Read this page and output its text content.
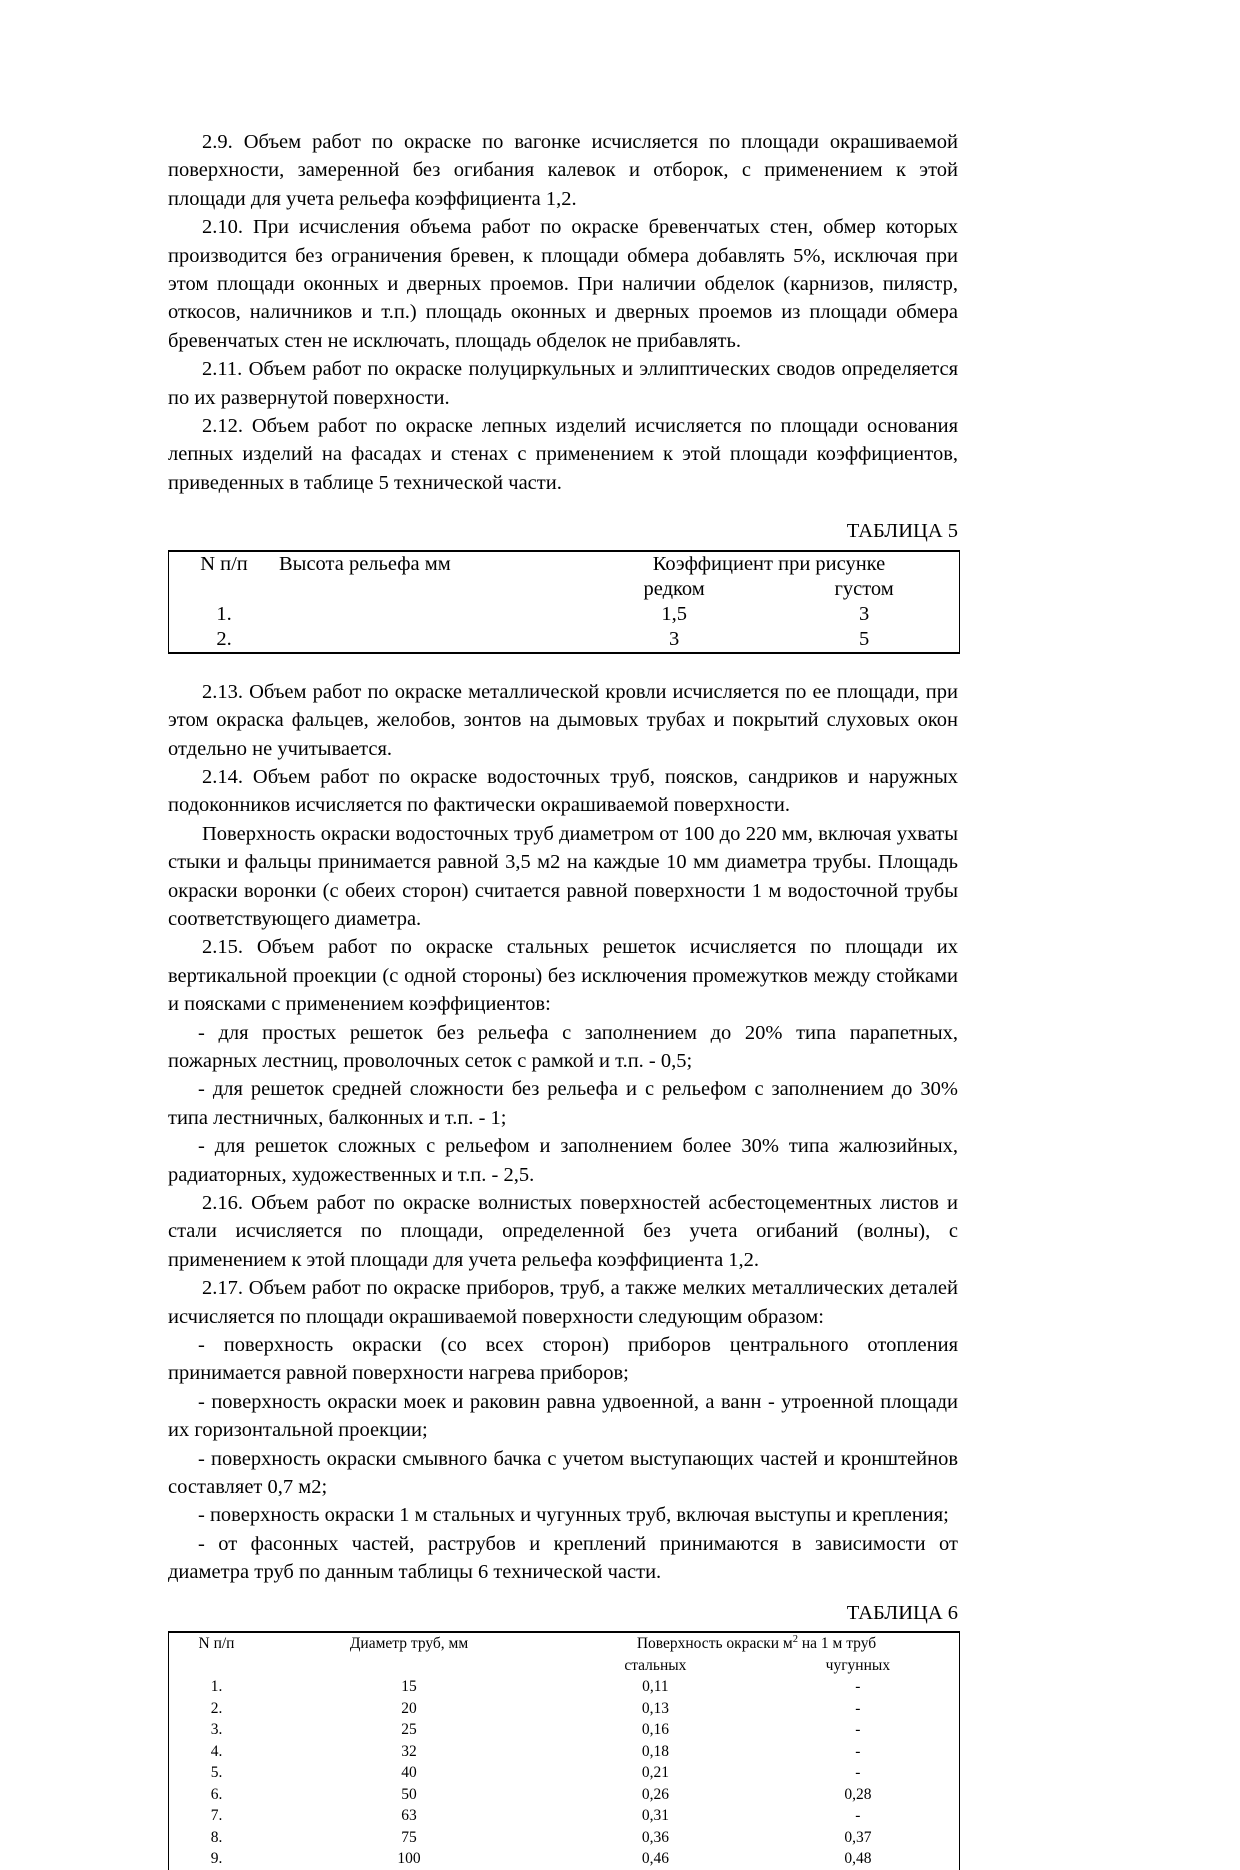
2.9. Объем работ по окраске по вагонке исчисляется по площади окрашиваемой поверхности, замеренной без огибания калевок и отборок, с применением к этой площади для учета рельефа коэффициента 1,2.

2.10. При исчисления объема работ по окраске бревенчатых стен, обмер которых производится без ограничения бревен, к площади обмера добавлять 5%, исключая при этом площади оконных и дверных проемов. При наличии обделок (карнизов, пилястр, откосов, наличников и т.п.) площадь оконных и дверных проемов из площади обмера бревенчатых стен не исключать, площадь обделок не прибавлять.

2.11. Объем работ по окраске полуциркульных и эллиптических сводов определяется по их развернутой поверхности.

2.12. Объем работ по окраске лепных изделий исчисляется по площади основания лепных изделий на фасадах и стенах с применением к этой площади коэффициентов, приведенных в таблице 5 технической части.

ТАБЛИЦА 5

N п/п	Высота рельефа мм	Коэффициент при рисунке	
		редком	густом
1.		1,5	3
2.		3	5

2.13. Объем работ по окраске металлической кровли исчисляется по ее площади, при этом окраска фальцев, желобов, зонтов на дымовых трубах и покрытий слуховых окон отдельно не учитывается.

2.14. Объем работ по окраске водосточных труб, поясков, сандриков и наружных подоконников исчисляется по фактически окрашиваемой поверхности.

Поверхность окраски водосточных труб диаметром от 100 до 220 мм, включая ухваты стыки и фальцы принимается равной 3,5 м2 на каждые 10 мм диаметра трубы. Площадь окраски воронки (с обеих сторон) считается равной поверхности 1 м водосточной трубы соответствующего диаметра.

2.15. Объем работ по окраске стальных решеток исчисляется по площади их вертикальной проекции (с одной стороны) без исключения промежутков между стойками и поясками с применением коэффициентов:

- для простых решеток без рельефа с заполнением до 20% типа парапетных, пожарных лестниц, проволочных сеток с рамкой и т.п. - 0,5;

- для решеток средней сложности без рельефа и с рельефом с заполнением до 30% типа лестничных, балконных и т.п. - 1;

- для решеток сложных с рельефом и заполнением более 30% типа жалюзийных, радиаторных, художественных и т.п. - 2,5.

2.16. Объем работ по окраске волнистых поверхностей асбестоцементных листов и стали исчисляется по площади, определенной без учета огибаний (волны), с применением к этой площади для учета рельефа коэффициента 1,2.

2.17. Объем работ по окраске приборов, труб, а также мелких металлических деталей исчисляется по площади окрашиваемой поверхности следующим образом:

- поверхность окраски (со всех сторон) приборов центрального отопления принимается равной поверхности нагрева приборов;

- поверхность окраски моек и раковин равна удвоенной, а ванн - утроенной площади их горизонтальной проекции;

- поверхность окраски смывного бачка с учетом выступающих частей и кронштейнов составляет 0,7 м2;

- поверхность окраски 1 м стальных и чугунных труб, включая выступы и крепления;

- от фасонных частей, раструбов и креплений принимаются в зависимости от диаметра труб по данным таблицы 6 технической части.

ТАБЛИЦА 6

N п/п	Диаметр труб, мм	Поверхность окраски $м^2$ на 1 м труб	
		стальных	чугунных
1.	15	0,11	-
2.	20	0,13	-
3.	25	0,16	-
4.	32	0,18	-
5.	40	0,21	-
6.	50	0,26	0,28
7.	63	0,31	-
8.	75	0,36	0,37
9.	100	0,46	0,48
